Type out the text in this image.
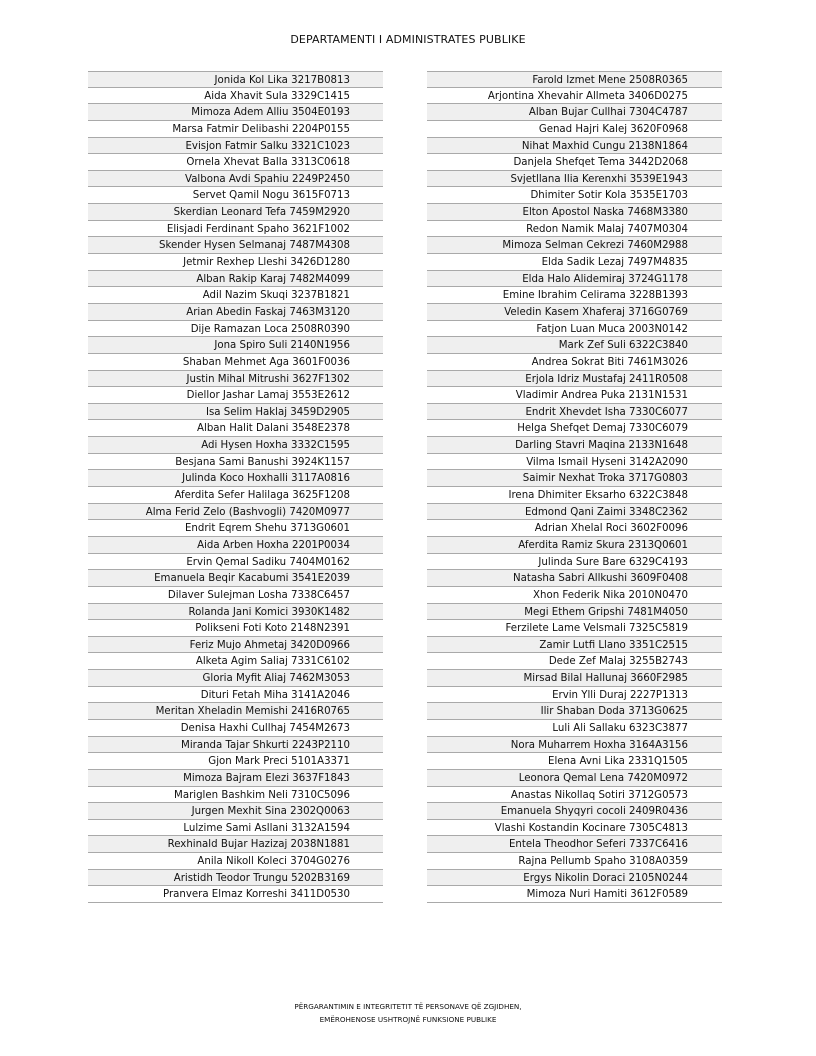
DEPARTAMENTI I ADMINISTRATES PUBLIKE
Jonida Kol Lika 3217B0813
Aida Xhavit Sula 3329C1415
Mimoza Adem Alliu 3504E0193
Marsa Fatmir Delibashi 2204P0155
Evisjon Fatmir Salku 3321C1023
Ornela Xhevat Balla 3313C0618
Valbona Avdi Spahiu 2249P2450
Servet Qamil Nogu 3615F0713
Skerdian Leonard Tefa 7459M2920
Elisjadi Ferdinant Spaho 3621F1002
Skender Hysen Selmanaj 7487M4308
Jetmir Rexhep Lleshi 3426D1280
Alban Rakip Karaj 7482M4099
Adil Nazim Skuqi 3237B1821
Arian Abedin Faskaj 7463M3120
Dije Ramazan Loca 2508R0390
Jona Spiro Suli 2140N1956
Shaban Mehmet Aga 3601F0036
Justin Mihal Mitrushi 3627F1302
Diellor Jashar Lamaj 3553E2612
Isa Selim Haklaj 3459D2905
Alban Halit Dalani 3548E2378
Adi Hysen Hoxha 3332C1595
Besjana Sami Banushi 3924K1157
Julinda Koco Hoxhalli 3117A0816
Aferdita Sefer Halilaga 3625F1208
Alma Ferid Zelo (Bashvogli) 7420M0977
Endrit Eqrem Shehu 3713G0601
Aida Arben Hoxha 2201P0034
Ervin Qemal Sadiku 7404M0162
Emanuela Beqir Kacabumi 3541E2039
Dilaver Sulejman Losha 7338C6457
Rolanda Jani Komici 3930K1482
Polikseni Foti Koto 2148N2391
Feriz Mujo Ahmetaj 3420D0966
Alketa Agim Saliaj 7331C6102
Gloria Myfit Aliaj 7462M3053
Dituri Fetah Miha 3141A2046
Meritan Xheladin Memishi 2416R0765
Denisa Haxhi Cullhaj 7454M2673
Miranda Tajar Shkurti 2243P2110
Gjon Mark Preci 5101A3371
Mimoza Bajram Elezi 3637F1843
Mariglen Bashkim Neli 7310C5096
Jurgen Mexhit Sina 2302Q0063
Lulzime Sami Asllani 3132A1594
Rexhinald Bujar Hazizaj 2038N1881
Anila Nikoll Koleci 3704G0276
Aristidh Teodor Trungu 5202B3169
Pranvera Elmaz Korreshi 3411D0530
Farold Izmet Mene 2508R0365
Arjontina Xhevahir Allmeta 3406D0275
Alban Bujar Cullhai 7304C4787
Genad Hajri Kalej 3620F0968
Nihat Maxhid Cungu 2138N1864
Danjela Shefqet Tema 3442D2068
Svjetllana Ilia Kerenxhi 3539E1943
Dhimiter Sotir Kola 3535E1703
Elton Apostol Naska 7468M3380
Redon Namik Malaj 7407M0304
Mimoza Selman Cekrezi 7460M2988
Elda Sadik Lezaj 7497M4835
Elda Halo Alidemiraj 3724G1178
Emine Ibrahim Celirama 3228B1393
Veledin Kasem Xhaferaj 3716G0769
Fatjon Luan Muca 2003N0142
Mark Zef Suli 6322C3840
Andrea Sokrat Biti 7461M3026
Erjola Idriz Mustafaj 2411R0508
Vladimir Andrea Puka 2131N1531
Endrit Xhevdet Isha 7330C6077
Helga Shefqet Demaj 7330C6079
Darling Stavri Maqina 2133N1648
Vilma Ismail Hyseni 3142A2090
Saimir Nexhat Troka 3717G0803
Irena Dhimiter Eksarho 6322C3848
Edmond Qani Zaimi 3348C2362
Adrian Xhelal Roci 3602F0096
Aferdita Ramiz Skura 2313Q0601
Julinda Sure Bare 6329C4193
Natasha Sabri Allkushi 3609F0408
Xhon Federik Nika 2010N0470
Megi Ethem Gripshi 7481M4050
Ferzilete Lame Velsmali 7325C5819
Zamir Lutfi Llano 3351C2515
Dede Zef Malaj 3255B2743
Mirsad Bilal Hallunaj 3660F2985
Ervin Ylli Duraj 2227P1313
Ilir Shaban Doda 3713G0625
Luli Ali Sallaku 6323C3877
Nora Muharrem Hoxha 3164A3156
Elena Avni Lika 2331Q1505
Leonora Qemal Lena 7420M0972
Anastas Nikollaq Sotiri 3712G0573
Emanuela Shyqyri cocoli 2409R0436
Vlashi Kostandin Kocinare 7305C4813
Entela Theodhor Seferi 7337C6416
Rajna Pellumb Spaho 3108A0359
Ergys Nikolin Doraci 2105N0244
Mimoza Nuri Hamiti 3612F0589
PËRGARANTIMIN E INTEGRITETIT TË PERSONAVE QË ZGJIDHEN,
EMËROHENOSE USHTROJNË FUNKSIONE PUBLIKE
